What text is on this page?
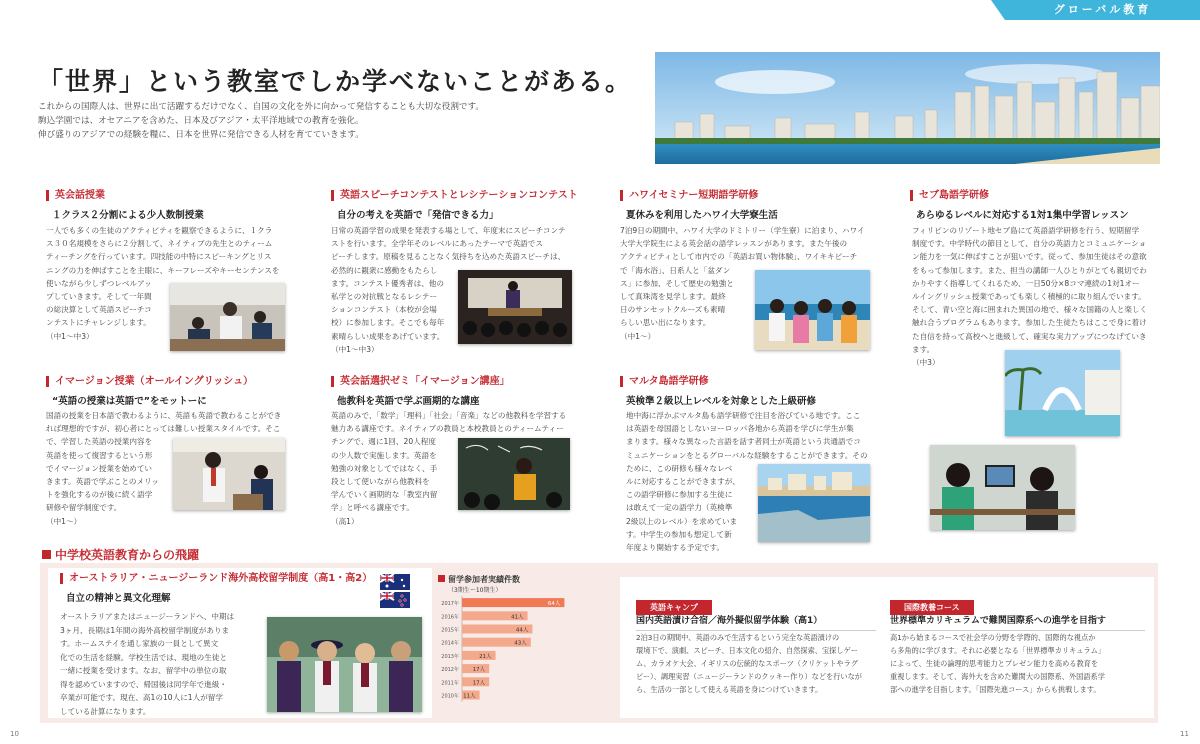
グローバル教育
「世界」という教室でしか学べないことがある。
これからの国際人は、世界に出て活躍するだけでなく、自国の文化を外に向かって発信することも大切な役割です。
駒込学園では、オセアニアを含めた、日本及びアジア・太平洋地域での教育を強化。
伸び盛りのアジアでの経験を糧に、日本を世界に発信できる人材を育てていきます。
英会話授業
１クラス２分割による少人数制授業
一人でも多くの生徒のアクティビティを観察できるように、１クラ
ス３０名規模をさらに２分割して、ネイティブの先生とのティーム
ティーチングを行っています。四技能の中特にスピーキングとリス
ニングの力を伸ばすことを主眼に、キーフレーズやキーセンテンスを
使いながら少しずつレベルアッ
プしていきます。そして一年間
の総決算として英語スピーチコ
ンテストにチャレンジします。
（中1～中3）
英語スピーチコンテストとレシテーションコンテスト
自分の考えを英語で「発信できる力」
日常の英語学習の成果を発表する場として、年度末にスピーチコンテ
ストを行います。全学年そのレベルにあったテーマで英語でス
ピーチします。原稿を見ることなく気持ちを込めた英語スピーチは、
必然的に観衆に感動をもたらし
ます。コンテスト優秀者は、他の
私学との対抗戦となるレシテー
ションコンテスト（本校が会場
校）に参加します。そこでも毎年
素晴らしい成果をあげています。
（中1～中3）
ハワイセミナー短期語学研修
夏休みを利用したハワイ大学寮生活
7泊9日の期間中、ハワイ大学のドミトリー（学生寮）に泊まり、ハワイ
大学大学院生による英会話の語学レッスンがあります。また午後の
アクティビティとして市内での「英語お買い物体験」、ワイキキビーチ
で「海水浴」、日系人と「盆ダン
ス」に参加、そして歴史の勉強と
して真珠湾を見学します。最終
日のサンセットクルーズも素晴
らしい思い出になります。
（中1～）
セブ島語学研修
あらゆるレベルに対応する1対1集中学習レッスン
フィリピンのリゾート地セブ島にて英語語学研修を行う、短期留学
制度です。中学時代の節目として、自分の英語力とコミュニケーショ
ン能力を一気に伸ばすことが狙いです。従って、参加生徒はその意欲
をもって参加します。また、担当の講師一人ひとりがとても親切でわ
かりやすく指導してくれるため、一日50分×8コマ連続の1対1オー
ルイングリッシュ授業であっても楽しく積極的に取り組んでいます。
そして、青い空と海に囲まれた異国の地で、様々な国籍の人と楽しく
触れ合うプログラムもあります。参加した生徒たちはここで身に着け
た自信を持って高校へと進級して、確実な実力アップにつなげていき
ます。
（中3）
イマージョン授業（オールイングリッシュ）
“英語の授業は英語で”をモットーに
国語の授業を日本語で教わるように、英語も英語で教わることができ
れば理想的ですが、初心者にとっては難しい授業スタイルです。そこ
で、学習した英語の授業内容を
英語を使って復習するという形
でイマージョン授業を始めてい
きます。英語で学ぶことのメリッ
トを強化するのが後に続く語学
研修や留学制度です。
（中1～）
英会話選択ゼミ「イマージョン講座」
他教科を英語で学ぶ画期的な講座
英語のみで、「数学」「理科」「社会」「音楽」などの他教科を学習する
魅力ある講座です。ネイティブの教員と本校教員とのティームティー
チングで、週に1回、20人程度
の少人数で実施します。英語を
勉強の対象としてではなく、手
段として使いながら他教科を
学んでいく画期的な「教室内留
学」と呼べる講座です。
（高1）
マルタ島語学研修
英検準２級以上レベルを対象とした上級研修
地中海に浮かぶマルタ島も語学研修で注目を浴びている地です。ここ
は英語を母国語としないヨーロッパ各地から英語を学びに学生が集
まります。様々な異なった言語を話す者同士が英語という共通語でコ
ミュニケーションをとるグローバルな経験をすることができます。その
ために、この研修も様々なレベ
ルに対応することができますが、
この語学研修に参加する生徒に
は敢えて一定の語学力（英検準
2級以上のレベル）を求めていま
す。中学生の参加も想定して新
年度より開始する予定です。
中学校英語教育からの飛躍
オーストラリア・ニュージーランド海外高校留学制度（高1・高2）
自立の精神と異文化理解
オーストラリアまたはニュージーランドへ、中期は
3ヶ月、長期は1年間の海外高校留学制度がありま
す。ホームステイを通し家族の一員として異文
化での生活を経験。学校生活では、現地の生徒と
一緒に授業を受けます。なお、留学中の単位の取
得を認めていますので、帰国後は同学年で進級・
卒業が可能です。現在、高1の10人に1人が留学
している計算になります。
留学参加者実績件数
（3期生～10期生）
2017年	64人
2016年	41人
2015年	44人
2014年	43人
2013年	21人
2012年 17人
2011年 17人
2010年 11人
英語キャンプ
国内英語漬け合宿／海外擬似留学体験（高1）
2泊3日の期間中、英語のみで生活するという完全な英語漬けの
環境下で、演劇、スピーチ、日本文化の紹介、自然探索、宝探しゲー
ム、カラオケ大会、イギリスの伝統的なスポーツ（クリケットやラグ
ビー）、調理実習（ニュージーランドのクッキー作り）などを行いなが
ら、生活の一部として使える英語を身につけていきます。
国際教養コース
世界標準カリキュラムで難関国際系への進学を目指す
高1から始まるコースで社会学の分野を学際的、国際的な視点か
ら多角的に学びます。それに必要となる「世界標準カリキュラム」
によって、生徒の論理的思考能力とプレゼン能力を高める教育を
重視します。そして、海外大を含めた難関大の国際系、外国語系学
部への進学を目指します。「国際先進コース」からも挑戦します。
10	11
